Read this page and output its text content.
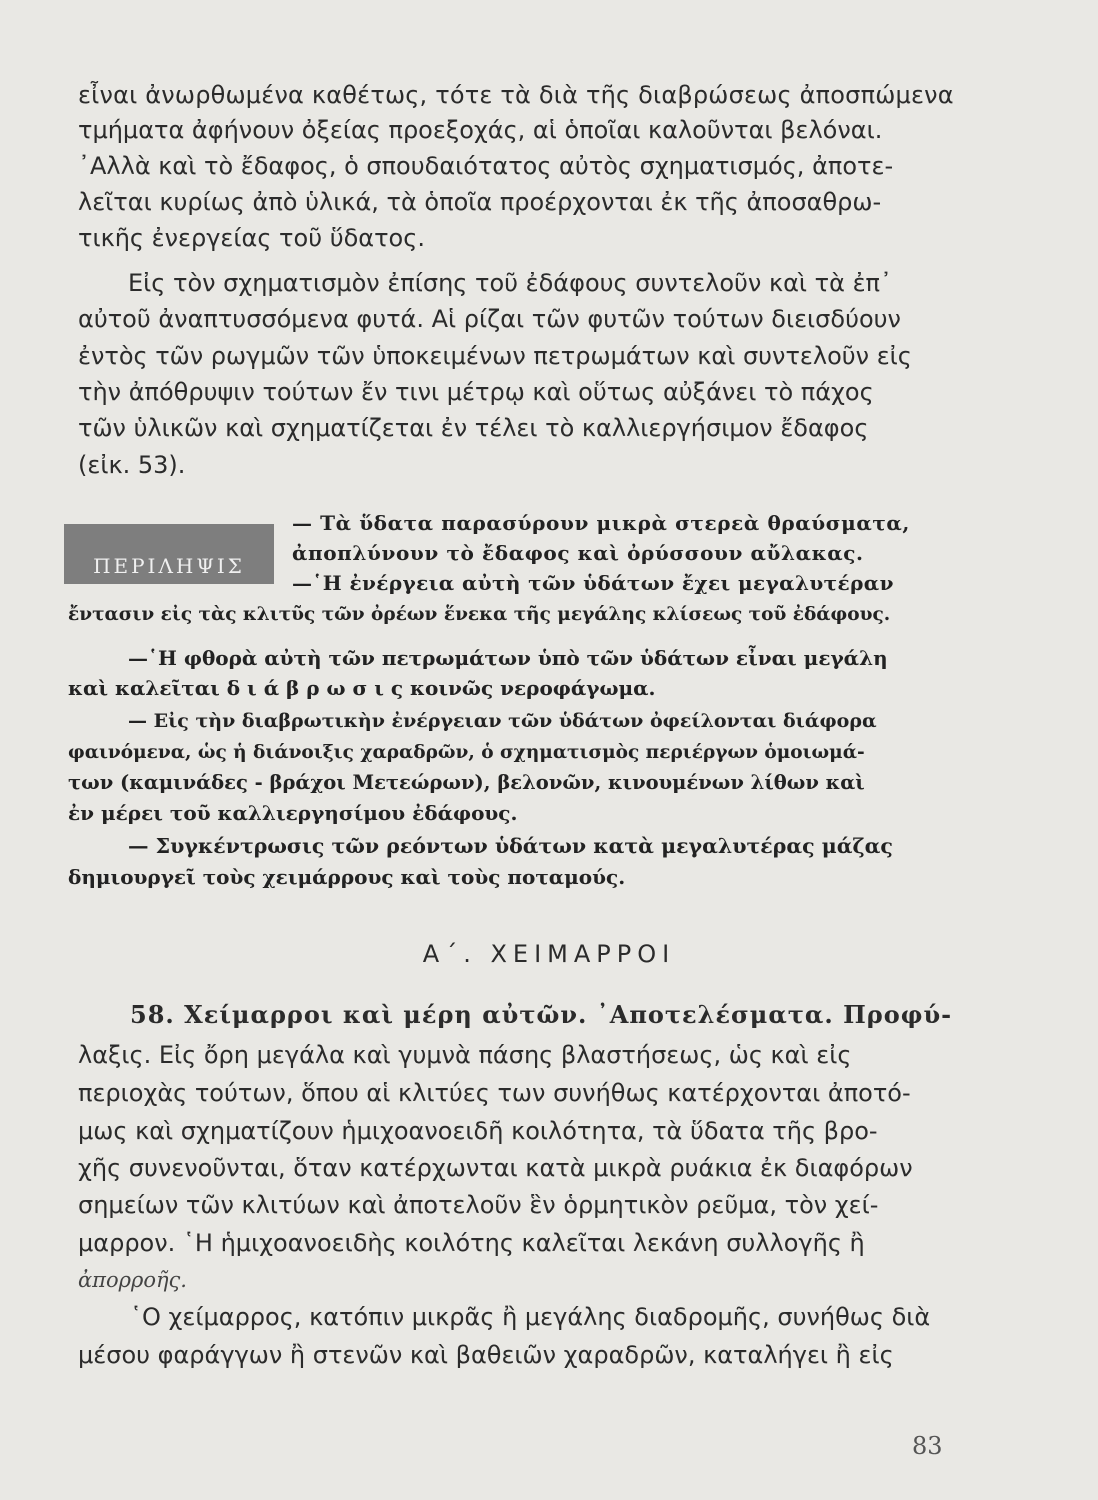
εἶναι ἀνωρθωμένα καθέτως, τότε τὰ διὰ τῆς διαβρώσεως ἀποσπώμενα
τμήματα ἀφήνουν ὀξείας προεξοχάς, αἱ ὁποῖαι καλοῦνται βελόναι.
᾿Αλλὰ καὶ τὸ ἔδαφος, ὁ σπουδαιότατος αὐτὸς σχηματισμός, ἀποτε-
λεῖται κυρίως ἀπὸ ὑλικά, τὰ ὁποῖα προέρχονται ἐκ τῆς ἀποσαθρω-
τικῆς ἐνεργείας τοῦ ὕδατος.
Εἰς τὸν σχηματισμὸν ἐπίσης τοῦ ἐδάφους συντελοῦν καὶ τὰ ἐπ᾿
αὐτοῦ ἀναπτυσσόμενα φυτά. Αἱ ρίζαι τῶν φυτῶν τούτων διεισδύουν
ἐντὸς τῶν ρωγμῶν τῶν ὑποκειμένων πετρωμάτων καὶ συντελοῦν εἰς
τὴν ἀπόθρυψιν τούτων ἔν τινι μέτρῳ καὶ οὕτως αὐξάνει τὸ πάχος
τῶν ὑλικῶν καὶ σχηματίζεται ἐν τέλει τὸ καλλιεργήσιμον ἔδαφος
(εἰκ. 53).
ΠΕΡΙΛΗΨΙΣ
— Τὰ ὕδατα παρασύρουν μικρὰ στερεὰ θραύσματα,
ἀποπλύνουν τὸ ἔδαφος καὶ ὀρύσσουν αὔλακας.
—῾Η ἐνέργεια αὐτὴ τῶν ὑδάτων ἔχει μεγαλυτέραν
ἔντασιν εἰς τὰς κλιτῦς τῶν ὀρέων ἕνεκα τῆς μεγάλης κλίσεως τοῦ ἐδάφους.
—῾Η φθορὰ αὐτὴ τῶν πετρωμάτων ὑπὸ τῶν ὑδάτων εἶναι μεγάλη
καὶ καλεῖται δ ι ά β ρ ω σ ι ς κοινῶς νεροφάγωμα.
— Εἰς τὴν διαβρωτικὴν ἐνέργειαν τῶν ὑδάτων ὀφείλονται διάφορα
φαινόμενα, ὡς ἡ διάνοιξις χαραδρῶν, ὁ σχηματισμὸς περιέργων ὁμοιωμά-
των (καμινάδες - βράχοι Μετεώρων), βελονῶν, κινουμένων λίθων καὶ
ἐν μέρει τοῦ καλλιεργησίμου ἐδάφους.
— Συγκέντρωσις τῶν ρεόντων ὑδάτων κατὰ μεγαλυτέρας μάζας
δημιουργεῖ τοὺς χειμάρρους καὶ τοὺς ποταμούς.
Α΄. ΧΕΙΜΑΡΡΟΙ
58. Χείμαρροι καὶ μέρη αὐτῶν. ᾿Αποτελέσματα. Προφύ-
λαξις. Εἰς ὄρη μεγάλα καὶ γυμνὰ πάσης βλαστήσεως, ὡς καὶ εἰς
περιοχὰς τούτων, ὅπου αἱ κλιτύες των συνήθως κατέρχονται ἀποτό-
μως καὶ σχηματίζουν ἡμιχοανοειδῆ κοιλότητα, τὰ ὕδατα τῆς βρο-
χῆς συνενοῦνται, ὅταν κατέρχωνται κατὰ μικρὰ ρυάκια ἐκ διαφόρων
σημείων τῶν κλιτύων καὶ ἀποτελοῦν ἓν ὁρμητικὸν ρεῦμα, τὸν χεί-
μαρρον. ῾Η ἡμιχοανοειδὴς κοιλότης καλεῖται λεκάνη συλλογῆς ἢ
ἀπορροῆς.
῾Ο χείμαρρος, κατόπιν μικρᾶς ἢ μεγάλης διαδρομῆς, συνήθως διὰ
μέσου φαράγγων ἢ στενῶν καὶ βαθειῶν χαραδρῶν, καταλήγει ἢ εἰς
83
